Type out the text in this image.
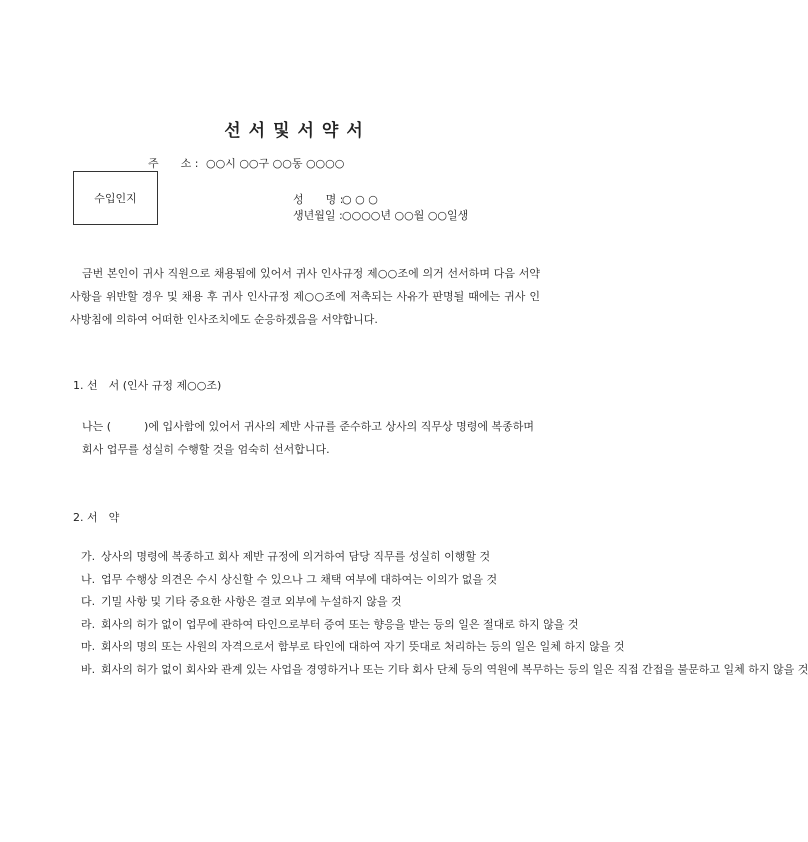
선서및서약서
주　　소 : ○○시 ○○구 ○○동 ○○○○
수입인지	성　　명 :○ ○ ○
생년월일 :○○○○년 ○○월 ○○일생
금번 본인이 귀사 직원으로 채용됨에 있어서 귀사 인사규정 제○○조에 의거 선서하며 다음 서약 사항을 위반할 경우 및 채용 후 귀사 인사규정 제○○조에 저촉되는 사유가 판명될 때에는 귀사 인사방침에 의하여 어떠한 인사조치에도 순응하겠음을 서약합니다.
1. 선　서 (인사 규정 제○○조)
나는 (　　　)에 입사함에 있어서 귀사의 제반 사규를 준수하고 상사의 직무상 명령에 복종하며 회사 업무를 성실히 수행할 것을 엄숙히 선서합니다.
2. 서　약
가. 상사의 명령에 복종하고 회사 제반 규정에 의거하여 담당 직무를 성실히 이행할 것
나. 업무 수행상 의견은 수시 상신할 수 있으나 그 채택 여부에 대하여는 이의가 없을 것
다. 기밀 사항 및 기타 중요한 사항은 결코 외부에 누설하지 않을 것
라. 회사의 허가 없이 업무에 관하여 타인으로부터 증여 또는 향응을 받는 등의 일은 절대로 하지 않을 것
마. 회사의 명의 또는 사원의 자격으로서 함부로 타인에 대하여 자기 뜻대로 처리하는 등의 일은 일체 하지 않을 것
바. 회사의 허가 없이 회사와 관계 있는 사업을 경영하거나 또는 기타 회사 단체 등의 역원에 복무하는 등의 일은 직접 간접을 불문하고 일체 하지 않을 것
